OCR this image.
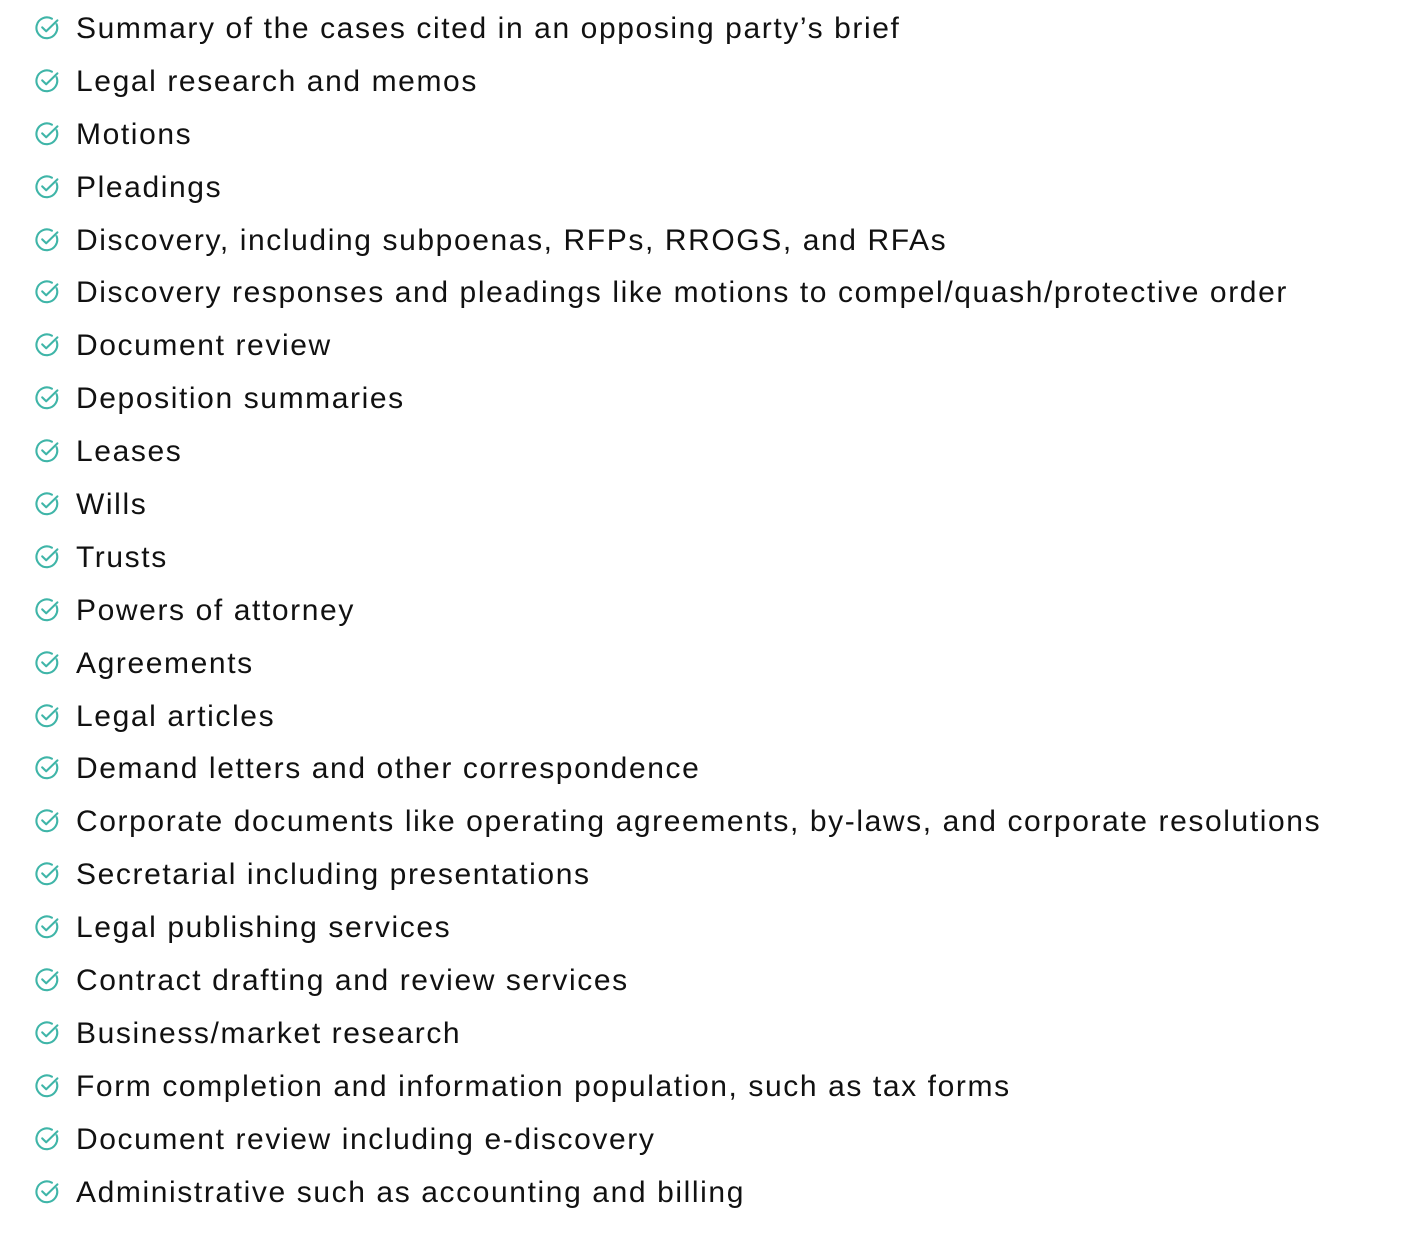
Summary of the cases cited in an opposing party’s brief
Legal research and memos
Motions
Pleadings
Discovery, including subpoenas, RFPs, RROGS, and RFAs
Discovery responses and pleadings like motions to compel/quash/protective order
Document review
Deposition summaries
Leases
Wills
Trusts
Powers of attorney
Agreements
Legal articles
Demand letters and other correspondence
Corporate documents like operating agreements, by-laws, and corporate resolutions
Secretarial including presentations
Legal publishing services
Contract drafting and review services
Business/market research
Form completion and information population, such as tax forms
Document review including e-discovery
Administrative such as accounting and billing
